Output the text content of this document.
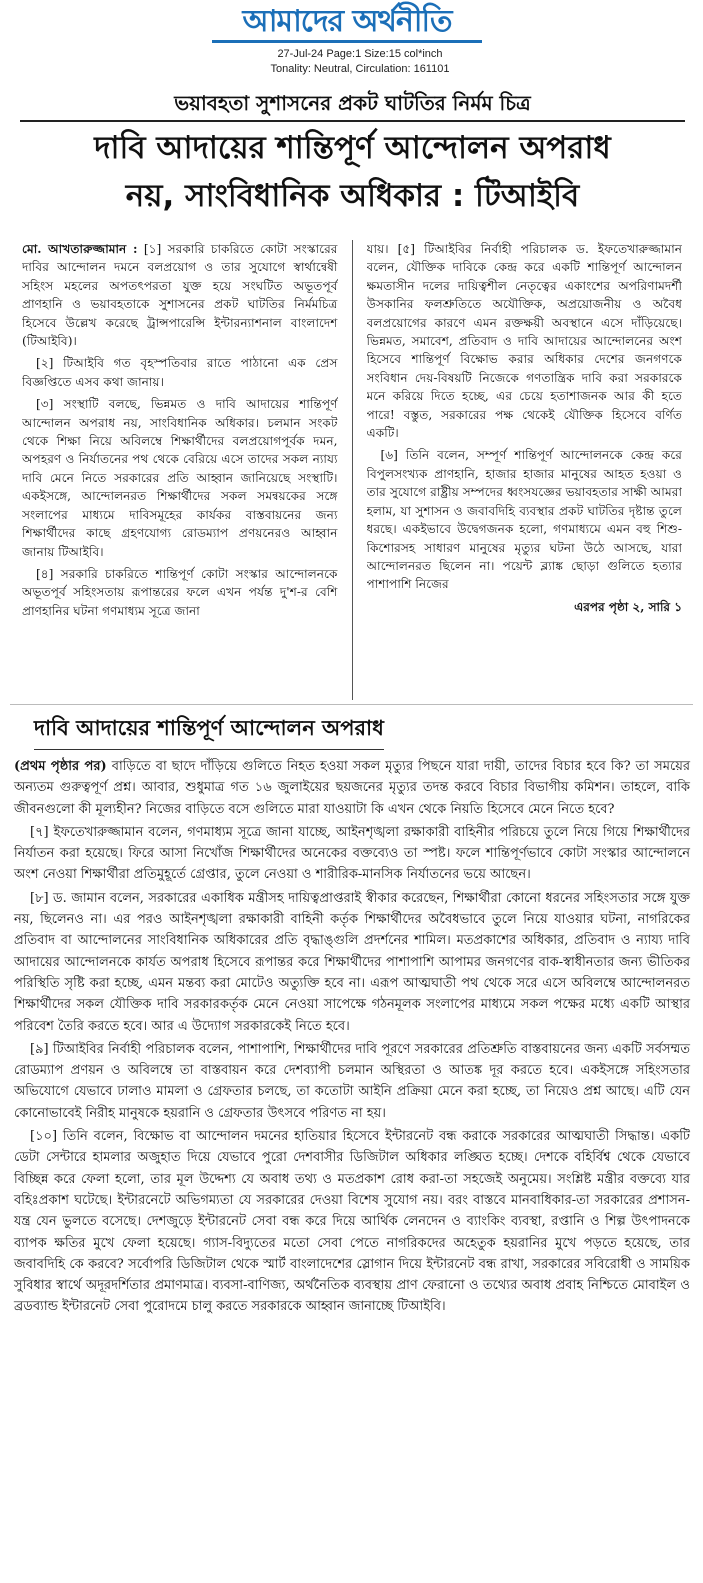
আমাদের অর্থনীতি
27-Jul-24 Page:1 Size:15 col*inch
Tonality: Neutral, Circulation: 161101

ভয়াবহতা সুশাসনের প্রকট ঘাটতির নির্মম চিত্র

দাবি আদায়ের শান্তিপূর্ণ আন্দোলন অপরাধ

নয়, সাংবিধানিক অধিকার : টিআইবি

মো. আখতারুজ্জামান : [১] সরকারি চাকরিতে কোটা সংস্কারের দাবির আন্দোলন দমনে বলপ্রয়োগ ও তার সুযোগে স্বার্থান্বেষী সহিংস মহলের অপতৎপরতা যুক্ত হয়ে সংঘটিত অভূতপূর্ব প্রাণহানি ও ভয়াবহতাকে সুশাসনের প্রকট ঘাটতির নির্মমচিত্র হিসেবে উল্লেখ করেছে ট্রান্সপারেন্সি ইন্টারন্যাশনাল বাংলাদেশ (টিআইবি)।

[২] টিআইবি গত বৃহস্পতিবার রাতে পাঠানো এক প্রেস বিজ্ঞপ্তিতে এসব কথা জানায়।

[৩] সংস্থাটি বলছে, ভিন্নমত ও দাবি আদায়ের শান্তিপূর্ণ আন্দোলন অপরাধ নয়, সাংবিধানিক অধিকার। চলমান সংকট থেকে শিক্ষা নিয়ে অবিলম্বে শিক্ষার্থীদের বলপ্রয়োগপূর্বক দমন, অপহরণ ও নির্যাতনের পথ থেকে বেরিয়ে এসে তাদের সকল ন্যায্য দাবি মেনে নিতে সরকারের প্রতি আহ্বান জানিয়েছে সংস্থাটি। একইসঙ্গে, আন্দোলনরত শিক্ষার্থীদের সকল সমন্বয়কের সঙ্গে সংলাপের মাধ্যমে দাবিসমূহের কার্যকর বাস্তবায়নের জন্য শিক্ষার্থীদের কাছে গ্রহণযোগ্য রোডম্যাপ প্রণয়নেরও আহ্বান জানায় টিআইবি।

[৪] সরকারি চাকরিতে শান্তিপূর্ণ কোটা সংস্কার আন্দোলনকে অভূতপূর্ব সহিংসতায় রূপান্তরের ফলে এখন পর্যন্ত দু'শ-র বেশি প্রাণহানির ঘটনা গণমাধ্যম সূত্রে জানা

যায়। [৫] টিআইবির নির্বাহী পরিচালক ড. ইফতেখারুজ্জামান বলেন, যৌক্তিক দাবিকে কেন্দ্র করে একটি শান্তিপূর্ণ আন্দোলন ক্ষমতাসীন দলের দায়িত্বশীল নেতৃত্বের একাংশের অপরিণামদর্শী উসকানির ফলশ্রুতিতে অযৌক্তিক, অপ্রয়োজনীয় ও অবৈধ বলপ্রয়োগের কারণে এমন রক্তক্ষয়ী অবস্থানে এসে দাঁড়িয়েছে। ভিন্নমত, সমাবেশ, প্রতিবাদ ও দাবি আদায়ের আন্দোলনের অংশ হিসেবে শান্তিপূর্ণ বিক্ষোভ করার অধিকার দেশের জনগণকে সংবিধান দেয়-বিষয়টি নিজেকে গণতান্ত্রিক দাবি করা সরকারকে মনে করিয়ে দিতে হচ্ছে, এর চেয়ে হতাশাজনক আর কী হতে পারে! বস্তুত, সরকারের পক্ষ থেকেই যৌক্তিক হিসেবে বর্ণিত একটি।

[৬] তিনি বলেন, সম্পূর্ণ শান্তিপূর্ণ আন্দোলনকে কেন্দ্র করে বিপুলসংখ্যক প্রাণহানি, হাজার হাজার মানুষের আহত হওয়া ও তার সুযোগে রাষ্ট্রীয় সম্পদের ধ্বংসযজ্ঞের ভয়াবহতার সাক্ষী আমরা হলাম, যা সুশাসন ও জবাবদিহি ব্যবস্থার প্রকট ঘাটতির দৃষ্টান্ত তুলে ধরছে। একইভাবে উদ্বেগজনক হলো, গণমাধ্যমে এমন বহু শিশু-কিশোরসহ সাধারণ মানুষের মৃত্যুর ঘটনা উঠে আসছে, যারা আন্দোলনরত ছিলেন না। পয়েন্ট ব্ল্যাঙ্ক ছোড়া গুলিতে হত্যার পাশাপাশি নিজের

এরপর পৃষ্ঠা ২, সারি ১
দাবি আদায়ের শান্তিপূর্ণ আন্দোলন অপরাধ

(প্রথম পৃষ্ঠার পর) বাড়িতে বা ছাদে দাঁড়িয়ে গুলিতে নিহত হওয়া সকল মৃত্যুর পিছনে যারা দায়ী, তাদের বিচার হবে কি? তা সময়ের অন্যতম গুরুত্বপূর্ণ প্রশ্ন। আবার, শুধুমাত্র গত ১৬ জুলাইয়ের ছয়জনের মৃত্যুর তদন্ত করবে বিচার বিভাগীয় কমিশন। তাহলে, বাকি জীবনগুলো কী মূল্যহীন? নিজের বাড়িতে বসে গুলিতে মারা যাওয়াটা কি এখন থেকে নিয়তি হিসেবে মেনে নিতে হবে?

[৭] ইফতেখারুজ্জামান বলেন, গণমাধ্যম সূত্রে জানা যাচ্ছে, আইনশৃঙ্খলা রক্ষাকারী বাহিনীর পরিচয়ে তুলে নিয়ে গিয়ে শিক্ষার্থীদের নির্যাতন করা হয়েছে। ফিরে আসা নিখোঁজ শিক্ষার্থীদের অনেকের বক্তব্যেও তা স্পষ্ট। ফলে শান্তিপূর্ণভাবে কোটা সংস্কার আন্দোলনে অংশ নেওয়া শিক্ষার্থীরা প্রতিমুহূর্তে গ্রেপ্তার, তুলে নেওয়া ও শারীরিক-মানসিক নির্যাতনের ভয়ে আছেন।

[৮] ড. জামান বলেন, সরকারের একাধিক মন্ত্রীসহ দায়িত্বপ্রাপ্তরাই স্বীকার করেছেন, শিক্ষার্থীরা কোনো ধরনের সহিংসতার সঙ্গে যুক্ত নয়, ছিলেনও না। এর পরও আইনশৃঙ্খলা রক্ষাকারী বাহিনী কর্তৃক শিক্ষার্থীদের অবৈধভাবে তুলে নিয়ে যাওয়ার ঘটনা, নাগরিকের প্রতিবাদ বা আন্দোলনের সাংবিধানিক অধিকারের প্রতি বৃদ্ধাঙ্গুলি প্রদর্শনের শামিল। মতপ্রকাশের অধিকার, প্রতিবাদ ও ন্যায্য দাবি আদায়ের আন্দোলনকে কার্যত অপরাধ হিসেবে রূপান্তর করে শিক্ষার্থীদের পাশাপাশি আপামর জনগণের বাক-স্বাধীনতার জন্য ভীতিকর পরিস্থিতি সৃষ্টি করা হচ্ছে, এমন মন্তব্য করা মোটেও অত্যুক্তি হবে না। এরূপ আত্মঘাতী পথ থেকে সরে এসে অবিলম্বে আন্দোলনরত শিক্ষার্থীদের সকল যৌক্তিক দাবি সরকারকর্তৃক মেনে নেওয়া সাপেক্ষে গঠনমূলক সংলাপের মাধ্যমে সকল পক্ষের মধ্যে একটি আস্থার পরিবেশ তৈরি করতে হবে। আর এ উদ্যোগ সরকারকেই নিতে হবে।

[৯] টিআইবির নির্বাহী পরিচালক বলেন, পাশাপাশি, শিক্ষার্থীদের দাবি পূরণে সরকারের প্রতিশ্রুতি বাস্তবায়নের জন্য একটি সর্বসম্মত রোডম্যাপ প্রণয়ন ও অবিলম্বে তা বাস্তবায়ন করে দেশব্যাপী চলমান অস্থিরতা ও আতঙ্ক দূর করতে হবে। একইসঙ্গে সহিংসতার অভিযোগে যেভাবে ঢালাও মামলা ও গ্রেফতার চলছে, তা কতোটা আইনি প্রক্রিয়া মেনে করা হচ্ছে, তা নিয়েও প্রশ্ন আছে। এটি যেন কোনোভাবেই নিরীহ মানুষকে হয়রানি ও গ্রেফতার উৎসবে পরিণত না হয়।

[১০] তিনি বলেন, বিক্ষোভ বা আন্দোলন দমনের হাতিয়ার হিসেবে ইন্টারনেট বন্ধ করাকে সরকারের আত্মঘাতী সিদ্ধান্ত। একটি ডেটা সেন্টারে হামলার অজুহাত দিয়ে যেভাবে পুরো দেশবাসীর ডিজিটাল অধিকার লঙ্ঘিত হচ্ছে। দেশকে বহির্বিশ্ব থেকে যেভাবে বিচ্ছিন্ন করে ফেলা হলো, তার মূল উদ্দেশ্য যে অবাধ তথ্য ও মতপ্রকাশ রোধ করা-তা সহজেই অনুমেয়। সংশ্লিষ্ট মন্ত্রীর বক্তব্যে যার বহিঃপ্রকাশ ঘটেছে। ইন্টারনেটে অভিগম্যতা যে সরকারের দেওয়া বিশেষ সুযোগ নয়। বরং বাস্তবে মানবাধিকার-তা সরকারের প্রশাসন-যন্ত্র যেন ভুলতে বসেছে। দেশজুড়ে ইন্টারনেট সেবা বন্ধ করে দিয়ে আর্থিক লেনদেন ও ব্যাংকিং ব্যবস্থা, রপ্তানি ও শিল্প উৎপাদনকে ব্যাপক ক্ষতির মুখে ফেলা হয়েছে। গ্যাস-বিদ্যুতের মতো সেবা পেতে নাগরিকদের অহেতুক হয়রানির মুখে পড়তে হয়েছে, তার জবাবদিহি কে করবে? সর্বোপরি ডিজিটাল থেকে স্মার্ট বাংলাদেশের স্লোগান দিয়ে ইন্টারনেট বন্ধ রাখা, সরকারের সবিরোধী ও সাময়িক সুবিধার স্বার্থে অদূরদর্শিতার প্রমাণমাত্র। ব্যবসা-বাণিজ্য, অর্থনৈতিক ব্যবস্থায় প্রাণ ফেরানো ও তথ্যের অবাধ প্রবাহ নিশ্চিতে মোবাইল ও ব্রডব্যান্ড ইন্টারনেট সেবা পুরোদমে চালু করতে সরকারকে আহ্বান জানাচ্ছে টিআইবি।
